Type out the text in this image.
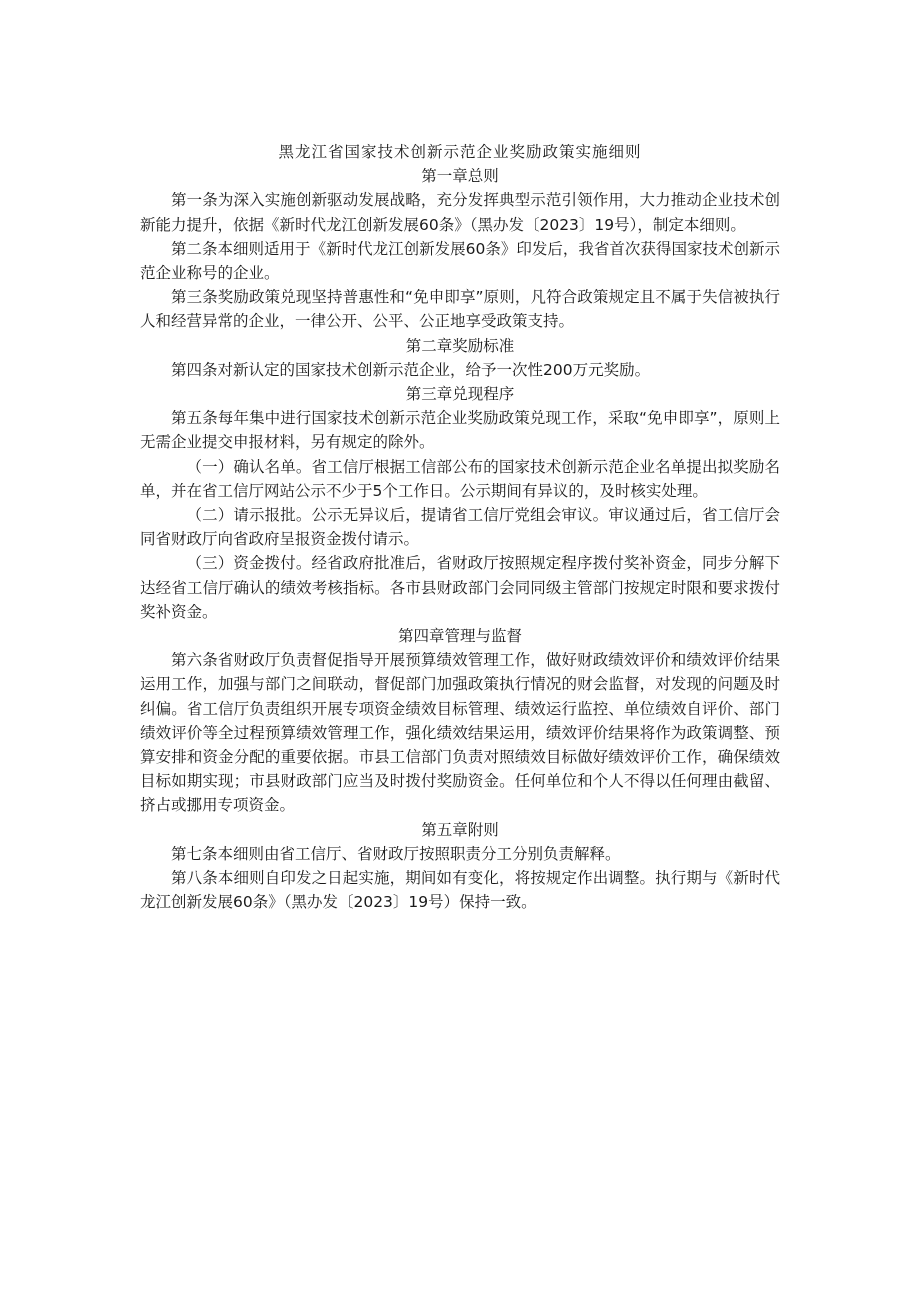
黑龙江省国家技术创新示范企业奖励政策实施细则
第一章总则

第一条为深入实施创新驱动发展战略，充分发挥典型示范引领作用，大力推动企业技术创新能力提升，依据《新时代龙江创新发展60条》（黑办发〔2023〕19号），制定本细则。

第二条本细则适用于《新时代龙江创新发展60条》印发后，我省首次获得国家技术创新示范企业称号的企业。

第三条奖励政策兑现坚持普惠性和“免申即享”原则，凡符合政策规定且不属于失信被执行人和经营异常的企业，一律公开、公平、公正地享受政策支持。

第二章奖励标准

第四条对新认定的国家技术创新示范企业，给予一次性200万元奖励。

第三章兑现程序

第五条每年集中进行国家技术创新示范企业奖励政策兑现工作，采取“免申即享”，原则上无需企业提交申报材料，另有规定的除外。

（一）确认名单。省工信厅根据工信部公布的国家技术创新示范企业名单提出拟奖励名单，并在省工信厅网站公示不少于5个工作日。公示期间有异议的，及时核实处理。

（二）请示报批。公示无异议后，提请省工信厅党组会审议。审议通过后，省工信厅会同省财政厅向省政府呈报资金拨付请示。

（三）资金拨付。经省政府批准后，省财政厅按照规定程序拨付奖补资金，同步分解下达经省工信厅确认的绩效考核指标。各市县财政部门会同同级主管部门按规定时限和要求拨付奖补资金。

第四章管理与监督

第六条省财政厅负责督促指导开展预算绩效管理工作，做好财政绩效评价和绩效评价结果运用工作，加强与部门之间联动，督促部门加强政策执行情况的财会监督，对发现的问题及时纠偏。省工信厅负责组织开展专项资金绩效目标管理、绩效运行监控、单位绩效自评价、部门绩效评价等全过程预算绩效管理工作，强化绩效结果运用，绩效评价结果将作为政策调整、预算安排和资金分配的重要依据。市县工信部门负责对照绩效目标做好绩效评价工作，确保绩效目标如期实现；市县财政部门应当及时拨付奖励资金。任何单位和个人不得以任何理由截留、挤占或挪用专项资金。

第五章附则

第七条本细则由省工信厅、省财政厅按照职责分工分别负责解释。

第八条本细则自印发之日起实施，期间如有变化，将按规定作出调整。执行期与《新时代龙江创新发展60条》（黑办发〔2023〕19号）保持一致。
